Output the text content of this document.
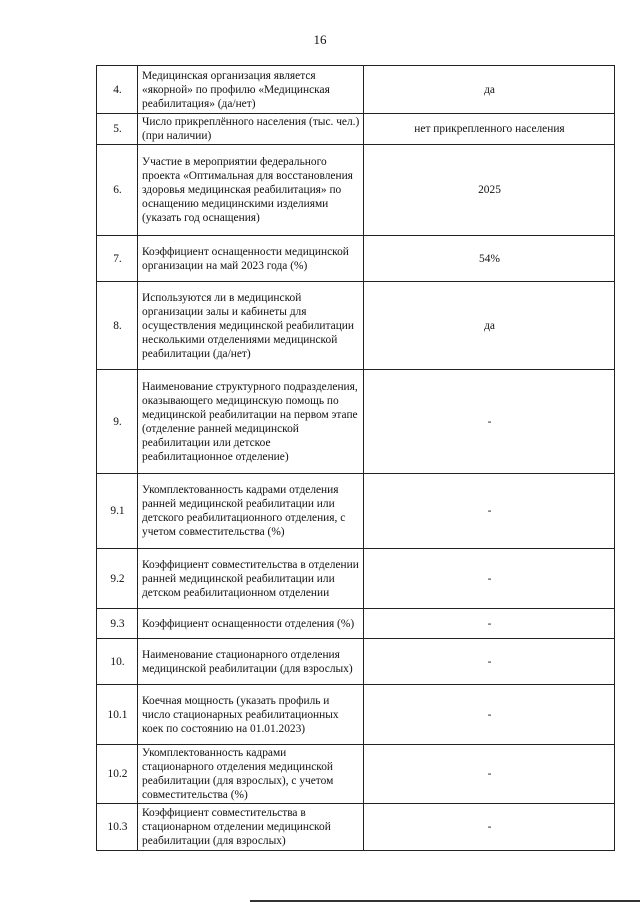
16
4.	Медицинская организация является «якорной» по профилю «Медицинская реабилитация» (да/нет)	да
5.	Число прикреплённого населения (тыс. чел.) (при наличии)	нет прикрепленного населения
6.	Участие в мероприятии федерального проекта «Оптимальная для восстановления здоровья медицинская реабилитация» по оснащению медицинскими изделиями (указать год оснащения)	2025
7.	Коэффициент оснащенности медицинской организации на май 2023 года (%)	54%
8.	Используются ли в медицинской организации залы и кабинеты для осуществления медицинской реабилитации несколькими отделениями медицинской реабилитации (да/нет)	да
9.	Наименование структурного подразделения, оказывающего медицинскую помощь по медицинской реабилитации на первом этапе (отделение ранней медицинской реабилитации или детское реабилитационное отделение)	-
9.1	Укомплектованность кадрами отделения ранней медицинской реабилитации или детского реабилитационного отделения, с учетом совместительства (%)	-
9.2	Коэффициент совместительства в отделении ранней медицинской реабилитации или детском реабилитационном отделении	-
9.3	Коэффициент оснащенности отделения (%)	-
10.	Наименование стационарного отделения медицинской реабилитации (для взрослых)	-
10.1	Коечная мощность (указать профиль и число стационарных реабилитационных коек по состоянию на 01.01.2023)	-
10.2	Укомплектованность кадрами стационарного отделения медицинской реабилитации (для взрослых), с учетом совместительства (%)	-
10.3	Коэффициент совместительства в стационарном отделении медицинской реабилитации (для взрослых)	-
